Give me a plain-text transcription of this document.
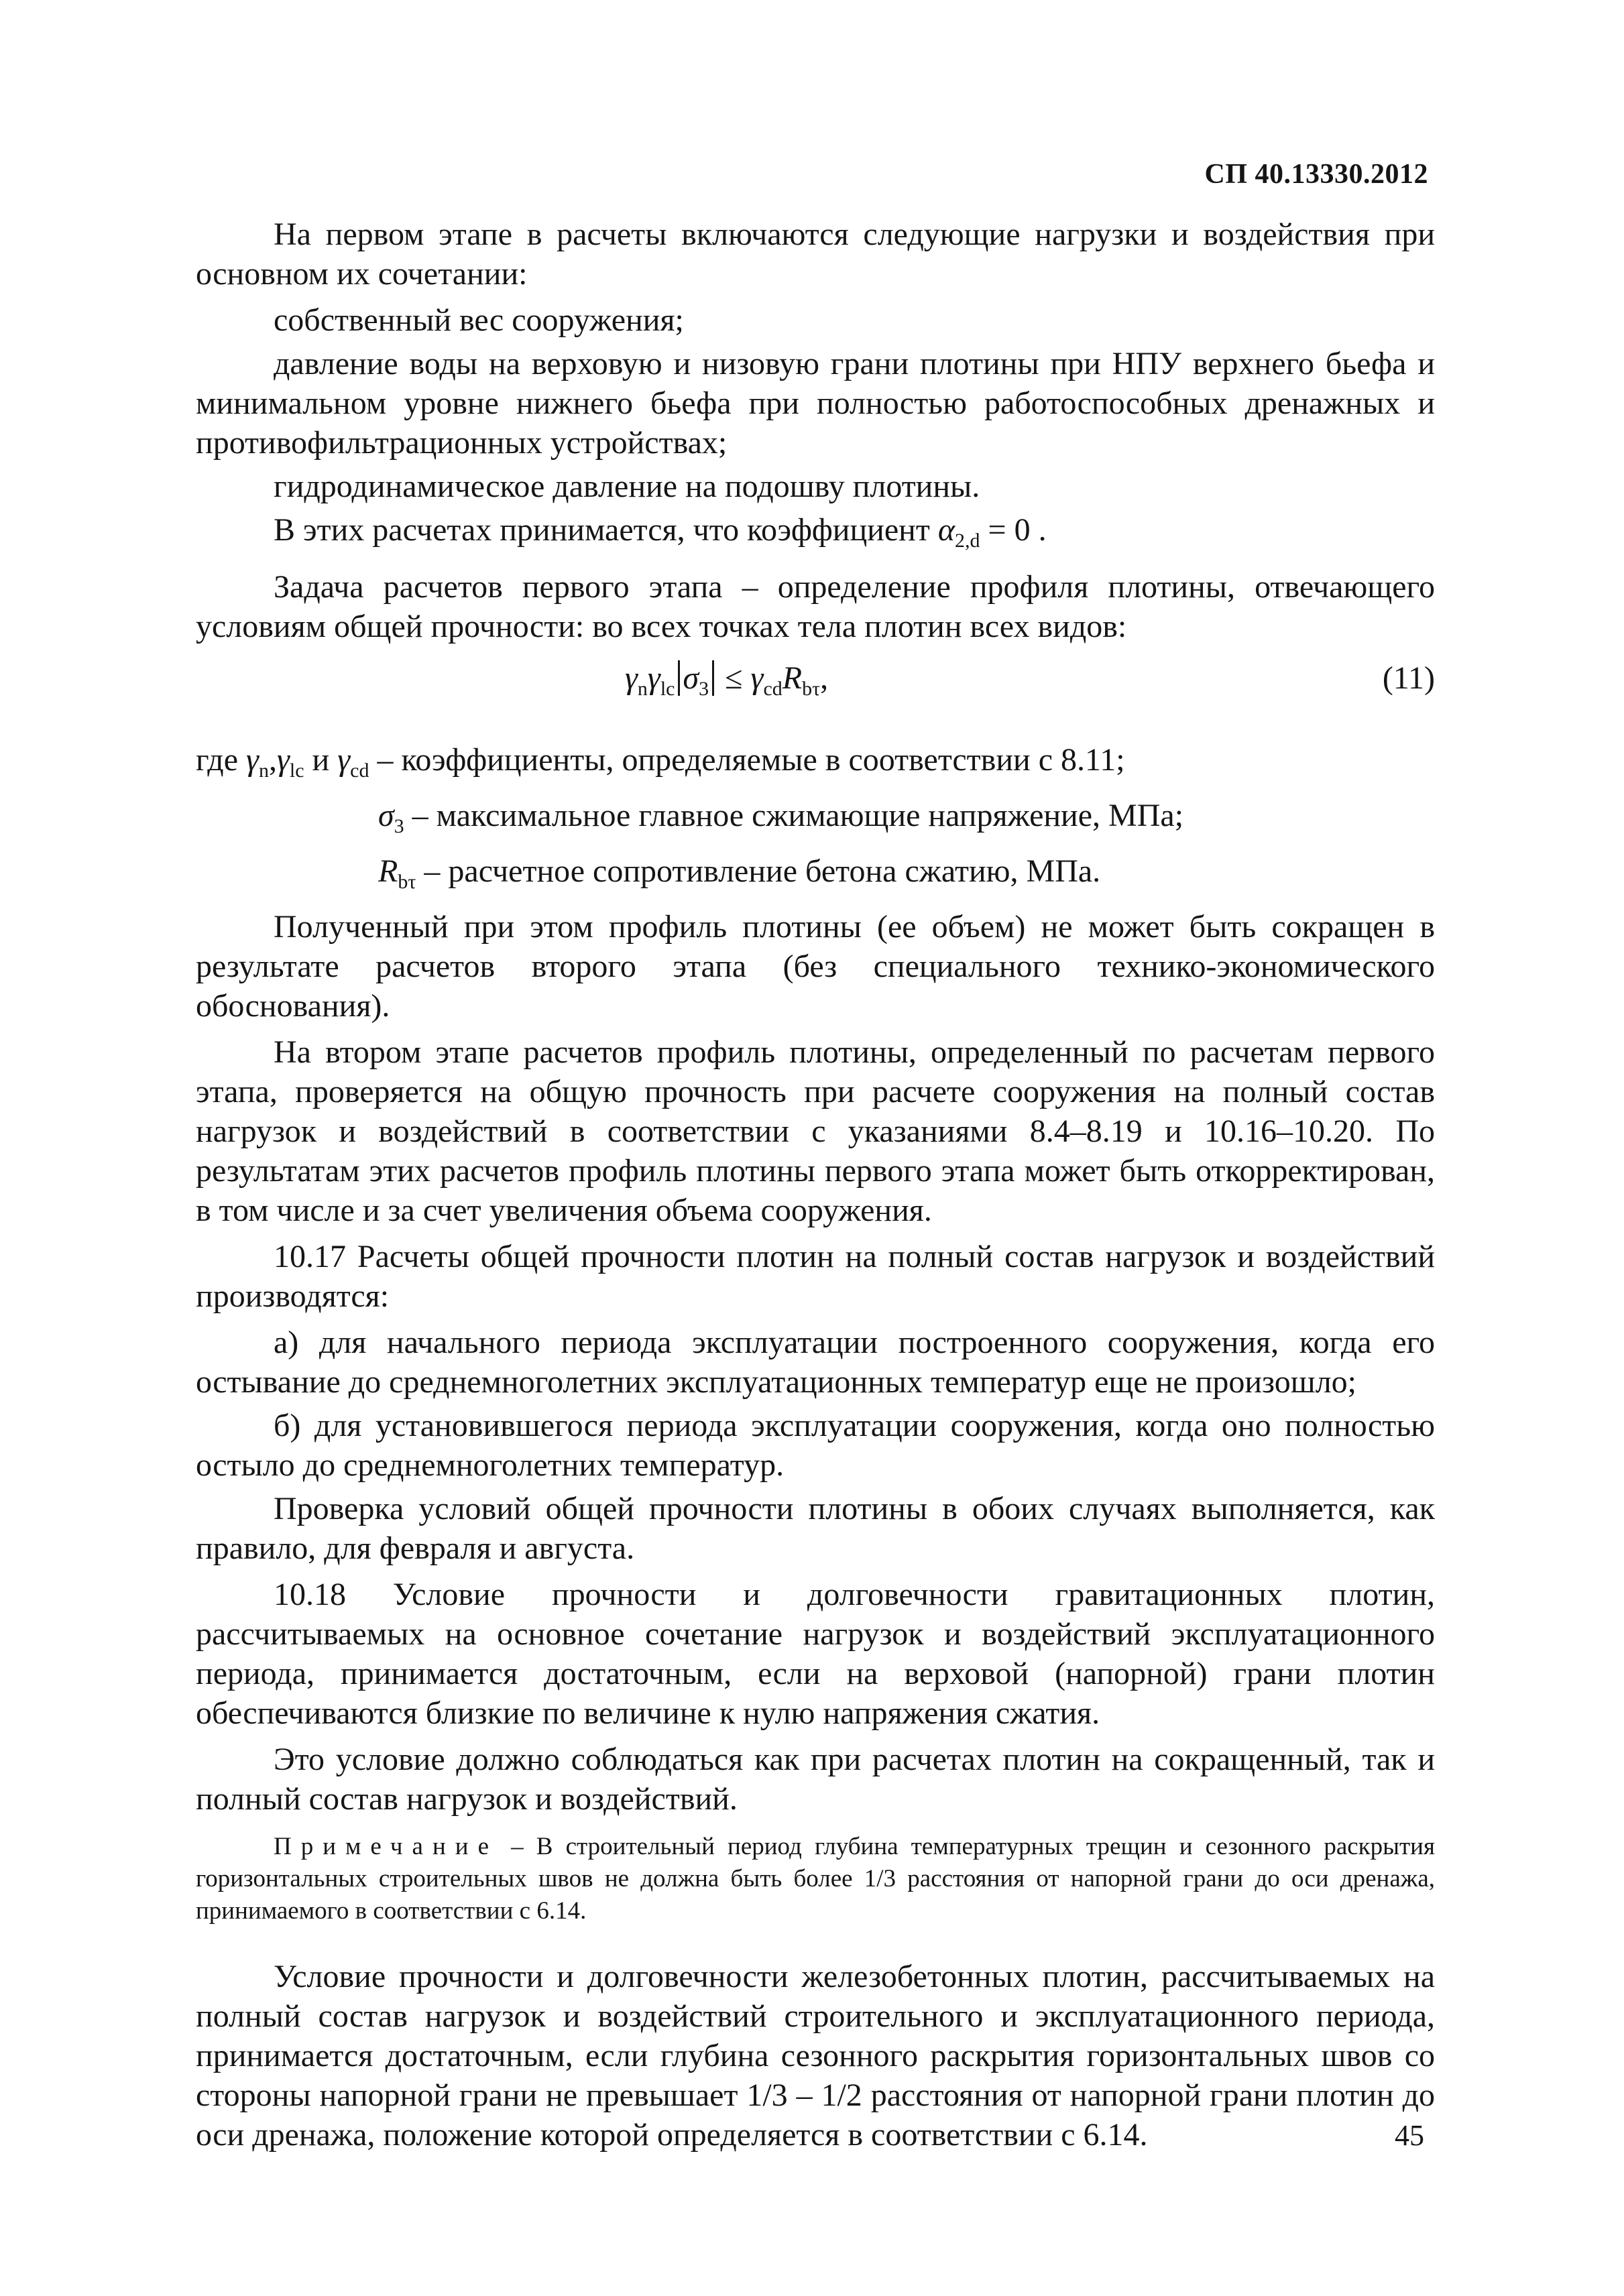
СП 40.13330.2012

На первом этапе в расчеты включаются следующие нагрузки и воздействия при основном их сочетании:

собственный вес сооружения;

давление воды на верховую и низовую грани плотины при НПУ верхнего бьефа и минимальном уровне нижнего бьефа при полностью работоспособных дренажных и противофильтрационных устройствах;

гидродинамическое давление на подошву плотины.

В этих расчетах принимается, что коэффициент $\alpha_{2,d} = 0$ .

Задача расчетов первого этапа – определение профиля плотины, отвечающего условиям общей прочности: во всех точках тела плотин всех видов:

$\gamma_n\gamma_{lc}$ $\sigma_3 \le \gamma_{cd}R_{b\tau}$,	(11)
где $\gamma_n,\gamma_{lc}$ и $\gamma_{cd}$ – коэффициенты, определяемые в соответствии с 8.11;
$\sigma_3$ – максимальное главное сжимающие напряжение, МПа;
$R_{b\tau}$ – расчетное сопротивление бетона сжатию, МПа.

Полученный при этом профиль плотины (ее объем) не может быть сокращен в результате расчетов второго этапа (без специального технико-экономического обоснования).

На втором этапе расчетов профиль плотины, определенный по расчетам первого этапа, проверяется на общую прочность при расчете сооружения на полный состав нагрузок и воздействий в соответствии с указаниями 8.4–8.19 и 10.16–10.20. По результатам этих расчетов профиль плотины первого этапа может быть откорректирован, в том числе и за счет увеличения объема сооружения.

10.17 Расчеты общей прочности плотин на полный состав нагрузок и воздействий производятся:

а) для начального периода эксплуатации построенного сооружения, когда его остывание до среднемноголетних эксплуатационных температур еще не произошло;

б) для установившегося периода эксплуатации сооружения, когда оно полностью остыло до среднемноголетних температур.

Проверка условий общей прочности плотины в обоих случаях выполняется, как правило, для февраля и августа.

10.18 Условие прочности и долговечности гравитационных плотин, рассчитываемых на основное сочетание нагрузок и воздействий эксплуатационного периода, принимается достаточным, если на верховой (напорной) грани плотин обеспечиваются близкие по величине к нулю напряжения сжатия.

Это условие должно соблюдаться как при расчетах плотин на сокращенный, так и полный состав нагрузок и воздействий.

Примечание – В строительный период глубина температурных трещин и сезонного раскрытия горизонтальных строительных швов не должна быть более 1/3 расстояния от напорной грани до оси дренажа, принимаемого в соответствии с 6.14.

Условие прочности и долговечности железобетонных плотин, рассчитываемых на полный состав нагрузок и воздействий строительного и эксплуатационного периода, принимается достаточным, если глубина сезонного раскрытия горизонтальных швов со стороны напорной грани не превышает 1/3 – 1/2 расстояния от напорной грани плотин до оси дренажа, положение которой определяется в соответствии с 6.14.	45
